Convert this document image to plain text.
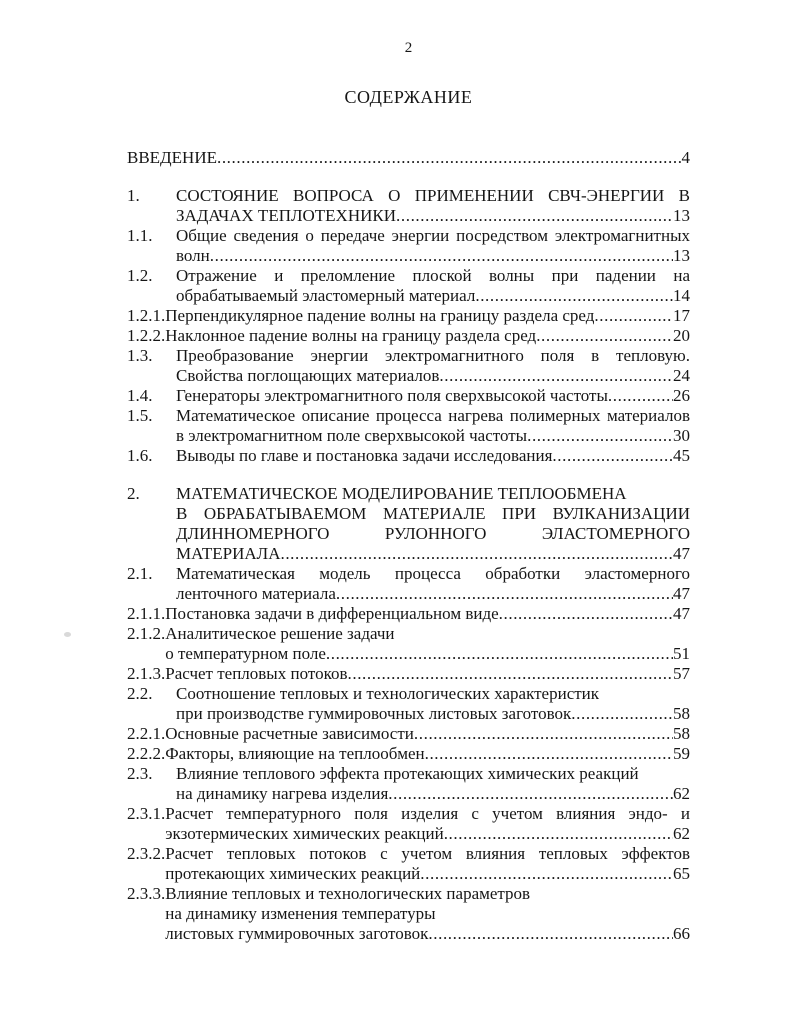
2
СОДЕРЖАНИЕ
ВВЕДЕНИЕ .....	4
1.	СОСТОЯНИЕ ВОПРОСА О ПРИМЕНЕНИИ СВЧ-ЭНЕРГИИ В
ЗАДАЧАХ ТЕПЛОТЕХНИКИ .....	13
1.1.	Общие сведения о передаче энергии посредством электромагнитных
волн .....	13
1.2.	Отражение и преломление плоской волны при падении на
обрабатываемый эластомерный материал .....	14
1.2.1. Перпендикулярное падение волны на границу раздела сред .....	17
1.2.2. Наклонное падение волны на границу раздела сред .....	20
1.3.	Преобразование энергии электромагнитного поля в тепловую.
Свойства поглощающих материалов .....	24
1.4.	Генераторы электромагнитного поля сверхвысокой частоты .....	26
1.5.	Математическое описание процесса нагрева полимерных материалов
в электромагнитном поле сверхвысокой частоты .....	30
1.6.	Выводы по главе и постановка задачи исследования .....	45
2.	МАТЕМАТИЧЕСКОЕ МОДЕЛИРОВАНИЕ ТЕПЛООБМЕНА
В ОБРАБАТЫВАЕМОМ МАТЕРИАЛЕ ПРИ ВУЛКАНИЗАЦИИ
ДЛИННОМЕРНОГО РУЛОННОГО ЭЛАСТОМЕРНОГО
МАТЕРИАЛА .....	47
2.1.	Математическая модель процесса обработки эластомерного
ленточного материала .....	47
2.1.1. Постановка задачи в дифференциальном виде .....	47
2.1.2. Аналитическое решение задачи
о температурном поле .....	51
2.1.3. Расчет тепловых потоков .....	57
2.2.	Соотношение тепловых и технологических характеристик
при производстве гуммировочных листовых заготовок .....	58
2.2.1. Основные расчетные зависимости .....	58
2.2.2. Факторы, влияющие на теплообмен .....	59
2.3.	Влияние теплового эффекта протекающих химических реакций
на динамику нагрева изделия .....	62
2.3.1. Расчет температурного поля изделия с учетом влияния эндо- и
экзотермических химических реакций .....	62
2.3.2. Расчет тепловых потоков с учетом влияния тепловых эффектов
протекающих химических реакций .....	65
2.3.3. Влияние тепловых и технологических параметров
на динамику изменения температуры
листовых гуммировочных заготовок .....	66
